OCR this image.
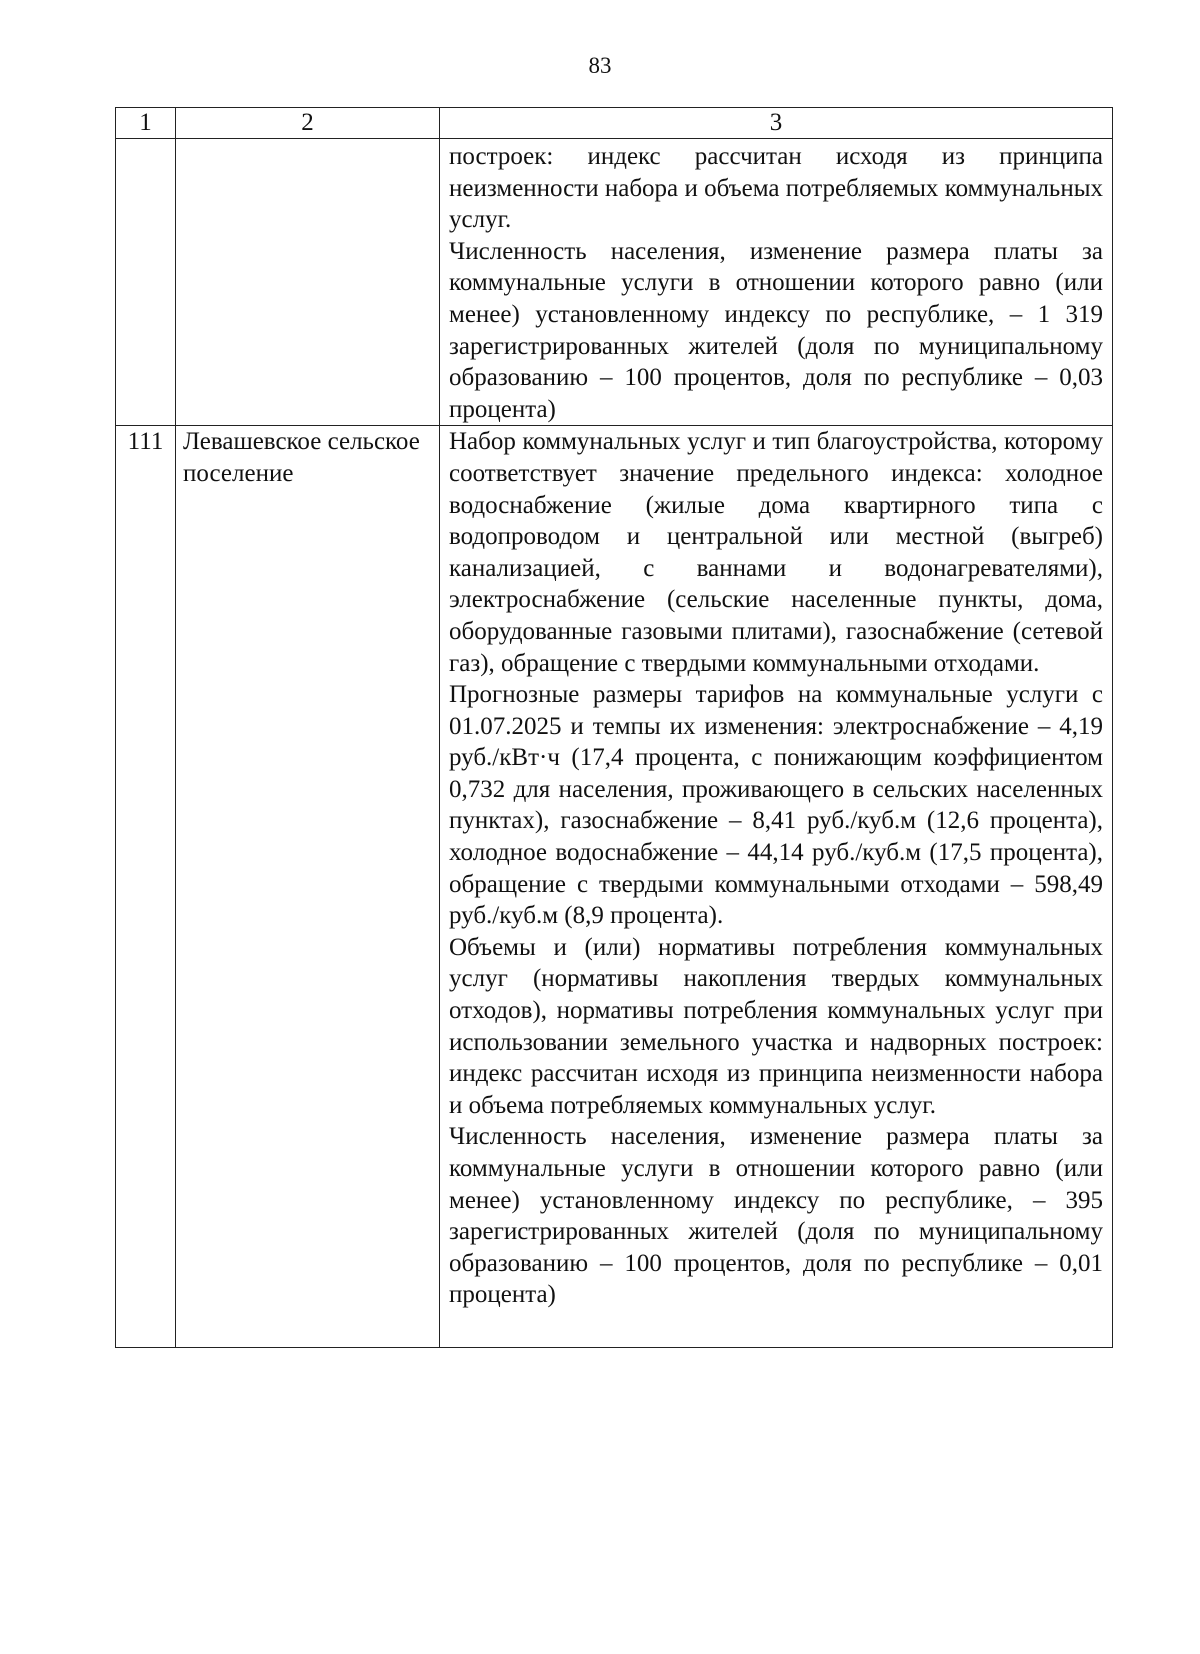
83
1	2	3

		построек: индекс рассчитан исходя из принципа неизменности набора и объема потребляемых коммунальных услуг.
Численность населения, изменение размера платы за коммунальные услуги в отношении которого равно (или менее) установленному индексу по республике, – 1 319 зарегистрированных жителей (доля по муниципальному образованию – 100 процентов, доля по республике – 0,03 процента)

111	Левашевское сельское поселение	Набор коммунальных услуг и тип благоустройства, которому соответствует значение предельного индекса: холодное водоснабжение (жилые дома квартирного типа с водопроводом и центральной или местной (выгреб) канализацией, с ваннами и водонагревателями), электроснабжение (сельские населенные пункты, дома, оборудованные газовыми плитами), газоснабжение (сетевой газ), обращение с твердыми коммунальными отходами.
Прогнозные размеры тарифов на коммунальные услуги с 01.07.2025 и темпы их изменения: электроснабжение – 4,19 руб./кВт·ч (17,4 процента, с понижающим коэффициентом 0,732 для населения, проживающего в сельских населенных пунктах), газоснабжение – 8,41 руб./куб.м (12,6 процента), холодное водоснабжение – 44,14 руб./куб.м (17,5 процента), обращение с твердыми коммунальными отходами – 598,49 руб./куб.м (8,9 процента).
Объемы и (или) нормативы потребления коммунальных услуг (нормативы накопления твердых коммунальных отходов), нормативы потребления коммунальных услуг при использовании земельного участка и надворных построек: индекс рассчитан исходя из принципа неизменности набора и объема потребляемых коммунальных услуг.
Численность населения, изменение размера платы за коммунальные услуги в отношении которого равно (или менее) установленному индексу по республике, – 395 зарегистрированных жителей (доля по муниципальному образованию – 100 процентов, доля по республике – 0,01 процента)
